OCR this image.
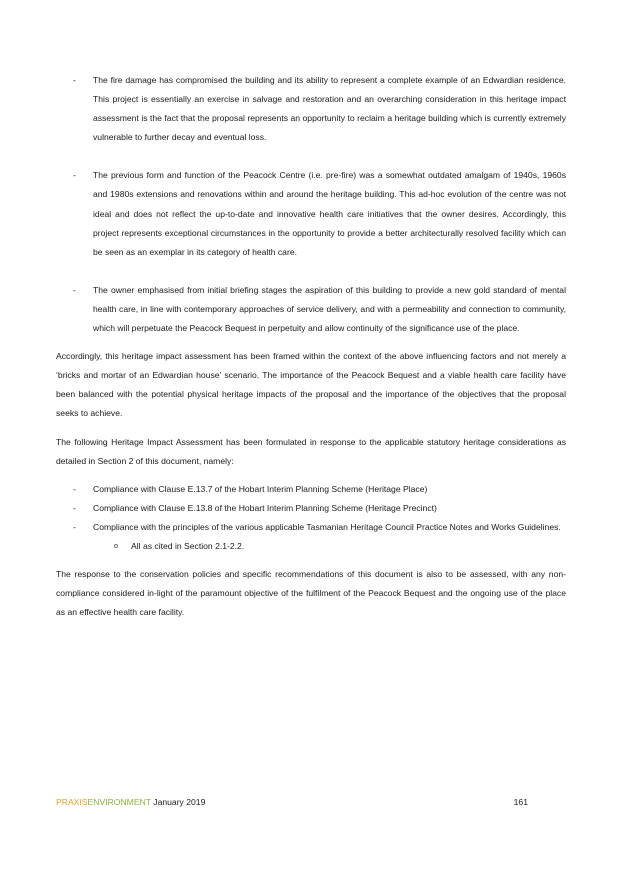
- The fire damage has compromised the building and its ability to represent a complete example of an Edwardian residence. This project is essentially an exercise in salvage and restoration and an overarching consideration in this heritage impact assessment is the fact that the proposal represents an opportunity to reclaim a heritage building which is currently extremely vulnerable to further decay and eventual loss.

- The previous form and function of the Peacock Centre (i.e. pre-fire) was a somewhat outdated amalgam of 1940s, 1960s and 1980s extensions and renovations within and around the heritage building. This ad-hoc evolution of the centre was not ideal and does not reflect the up-to-date and innovative health care initiatives that the owner desires. Accordingly, this project represents exceptional circumstances in the opportunity to provide a better architecturally resolved facility which can be seen as an exemplar in its category of health care.

- The owner emphasised from initial briefing stages the aspiration of this building to provide a new gold standard of mental health care, in line with contemporary approaches of service delivery, and with a permeability and connection to community, which will perpetuate the Peacock Bequest in perpetuity and allow continuity of the significance use of the place.

Accordingly, this heritage impact assessment has been framed within the context of the above influencing factors and not merely a ‘bricks and mortar of an Edwardian house’ scenario. The importance of the Peacock Bequest and a viable health care facility have been balanced with the potential physical heritage impacts of the proposal and the importance of the objectives that the proposal seeks to achieve.

The following Heritage Impact Assessment has been formulated in response to the applicable statutory heritage considerations as detailed in Section 2 of this document, namely:

- Compliance with Clause E.13.7 of the Hobart Interim Planning Scheme (Heritage Place)

- Compliance with Clause E.13.8 of the Hobart Interim Planning Scheme (Heritage Precinct)

- Compliance with the principles of the various applicable Tasmanian Heritage Council Practice Notes and Works Guidelines.

o All as cited in Section 2.1-2.2.

The response to the conservation policies and specific recommendations of this document is also to be assessed, with any non-compliance considered in-light of the paramount objective of the fulfilment of the Peacock Bequest and the ongoing use of the place as an effective health care facility.

PRAXISENVIRONMENT January 2019	161
